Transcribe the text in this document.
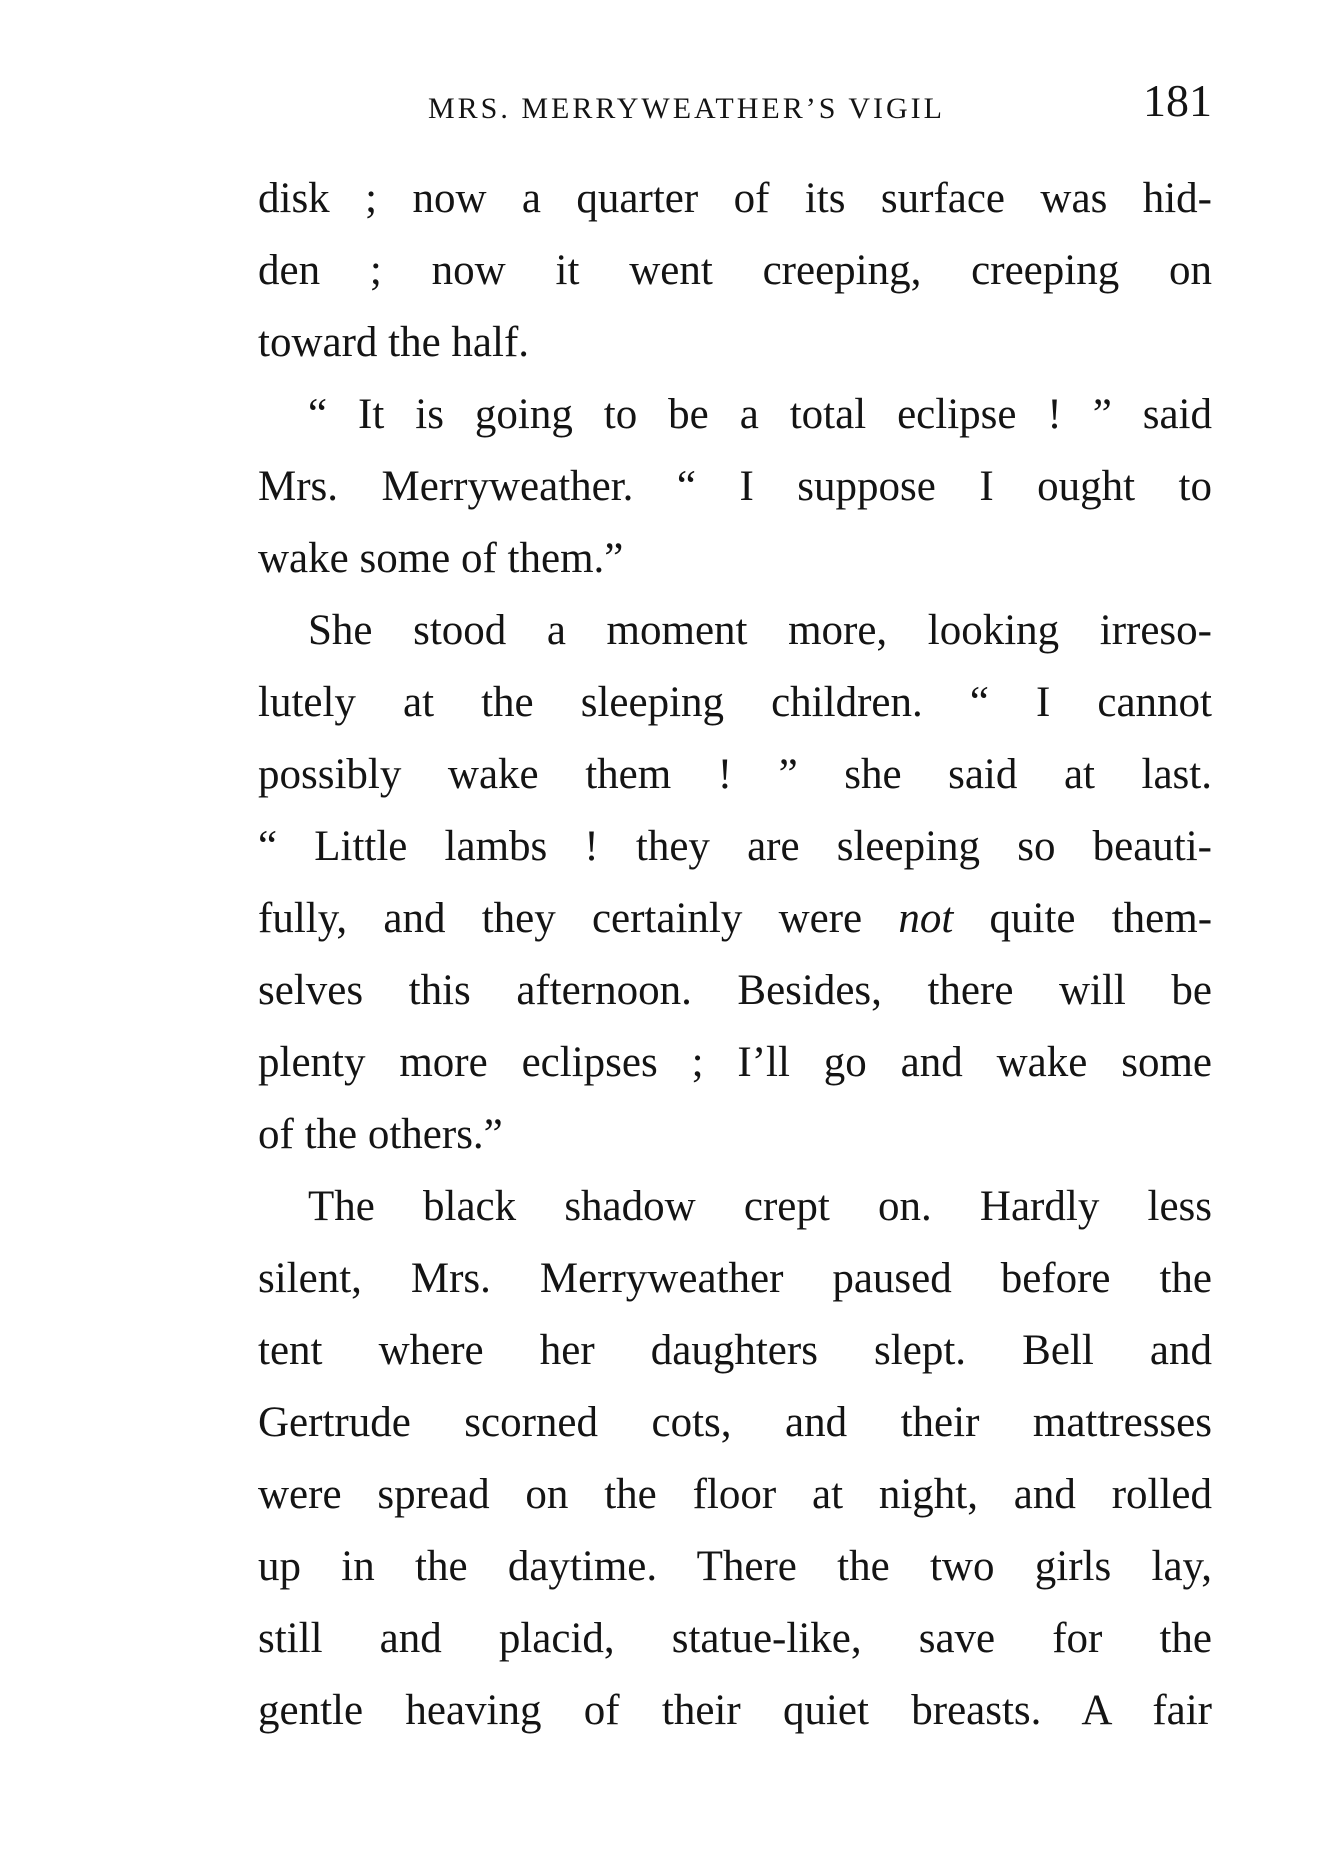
MRS. MERRYWEATHER’S VIGIL	181
disk ; now a quarter of its surface was hid-
den ; now it went creeping, creeping on
toward the half.
“ It is going to be a total eclipse ! ” said
Mrs. Merryweather. “ I suppose I ought to
wake some of them.”
She stood a moment more, looking irreso-
lutely at the sleeping children. “ I cannot
possibly wake them ! ” she said at last.
“ Little lambs ! they are sleeping so beauti-
fully, and they certainly were not quite them-
selves this afternoon. Besides, there will be
plenty more eclipses ; I’ll go and wake some
of the others.”
The black shadow crept on. Hardly less
silent, Mrs. Merryweather paused before the
tent where her daughters slept. Bell and
Gertrude scorned cots, and their mattresses
were spread on the floor at night, and rolled
up in the daytime. There the two girls lay,
still and placid, statue-like, save for the
gentle heaving of their quiet breasts. A fair
